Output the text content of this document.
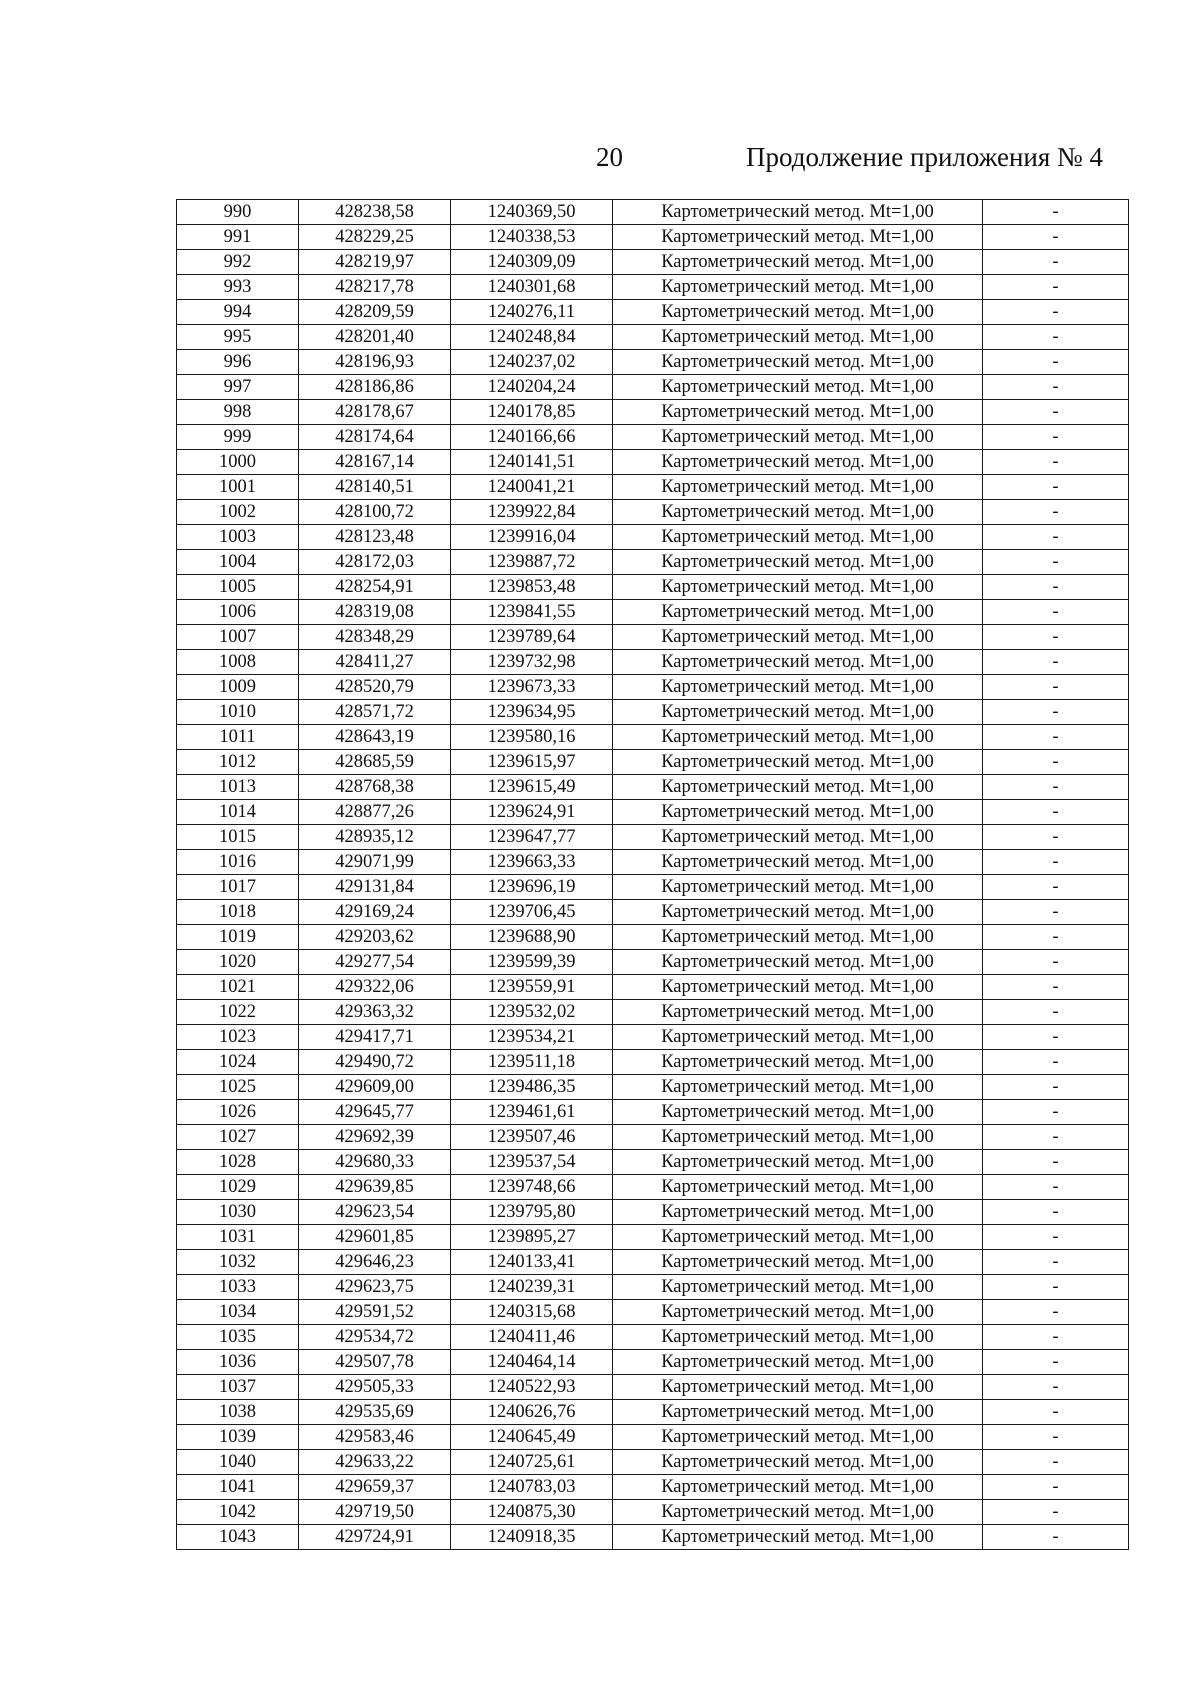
20	Продолжение приложения № 4
990	428238,58	1240369,50	Картометрический метод. Mt=1,00	-
991	428229,25	1240338,53	Картометрический метод. Mt=1,00	-
992	428219,97	1240309,09	Картометрический метод. Mt=1,00	-
993	428217,78	1240301,68	Картометрический метод. Mt=1,00	-
994	428209,59	1240276,11	Картометрический метод. Mt=1,00	-
995	428201,40	1240248,84	Картометрический метод. Mt=1,00	-
996	428196,93	1240237,02	Картометрический метод. Mt=1,00	-
997	428186,86	1240204,24	Картометрический метод. Mt=1,00	-
998	428178,67	1240178,85	Картометрический метод. Mt=1,00	-
999	428174,64	1240166,66	Картометрический метод. Mt=1,00	-
1000	428167,14	1240141,51	Картометрический метод. Mt=1,00	-
1001	428140,51	1240041,21	Картометрический метод. Mt=1,00	-
1002	428100,72	1239922,84	Картометрический метод. Mt=1,00	-
1003	428123,48	1239916,04	Картометрический метод. Mt=1,00	-
1004	428172,03	1239887,72	Картометрический метод. Mt=1,00	-
1005	428254,91	1239853,48	Картометрический метод. Mt=1,00	-
1006	428319,08	1239841,55	Картометрический метод. Mt=1,00	-
1007	428348,29	1239789,64	Картометрический метод. Mt=1,00	-
1008	428411,27	1239732,98	Картометрический метод. Mt=1,00	-
1009	428520,79	1239673,33	Картометрический метод. Mt=1,00	-
1010	428571,72	1239634,95	Картометрический метод. Mt=1,00	-
1011	428643,19	1239580,16	Картометрический метод. Mt=1,00	-
1012	428685,59	1239615,97	Картометрический метод. Mt=1,00	-
1013	428768,38	1239615,49	Картометрический метод. Mt=1,00	-
1014	428877,26	1239624,91	Картометрический метод. Mt=1,00	-
1015	428935,12	1239647,77	Картометрический метод. Mt=1,00	-
1016	429071,99	1239663,33	Картометрический метод. Mt=1,00	-
1017	429131,84	1239696,19	Картометрический метод. Mt=1,00	-
1018	429169,24	1239706,45	Картометрический метод. Mt=1,00	-
1019	429203,62	1239688,90	Картометрический метод. Mt=1,00	-
1020	429277,54	1239599,39	Картометрический метод. Mt=1,00	-
1021	429322,06	1239559,91	Картометрический метод. Mt=1,00	-
1022	429363,32	1239532,02	Картометрический метод. Mt=1,00	-
1023	429417,71	1239534,21	Картометрический метод. Mt=1,00	-
1024	429490,72	1239511,18	Картометрический метод. Mt=1,00	-
1025	429609,00	1239486,35	Картометрический метод. Mt=1,00	-
1026	429645,77	1239461,61	Картометрический метод. Mt=1,00	-
1027	429692,39	1239507,46	Картометрический метод. Mt=1,00	-
1028	429680,33	1239537,54	Картометрический метод. Mt=1,00	-
1029	429639,85	1239748,66	Картометрический метод. Mt=1,00	-
1030	429623,54	1239795,80	Картометрический метод. Mt=1,00	-
1031	429601,85	1239895,27	Картометрический метод. Mt=1,00	-
1032	429646,23	1240133,41	Картометрический метод. Mt=1,00	-
1033	429623,75	1240239,31	Картометрический метод. Mt=1,00	-
1034	429591,52	1240315,68	Картометрический метод. Mt=1,00	-
1035	429534,72	1240411,46	Картометрический метод. Mt=1,00	-
1036	429507,78	1240464,14	Картометрический метод. Mt=1,00	-
1037	429505,33	1240522,93	Картометрический метод. Mt=1,00	-
1038	429535,69	1240626,76	Картометрический метод. Mt=1,00	-
1039	429583,46	1240645,49	Картометрический метод. Mt=1,00	-
1040	429633,22	1240725,61	Картометрический метод. Mt=1,00	-
1041	429659,37	1240783,03	Картометрический метод. Mt=1,00	-
1042	429719,50	1240875,30	Картометрический метод. Mt=1,00	-
1043	429724,91	1240918,35	Картометрический метод. Mt=1,00	-
